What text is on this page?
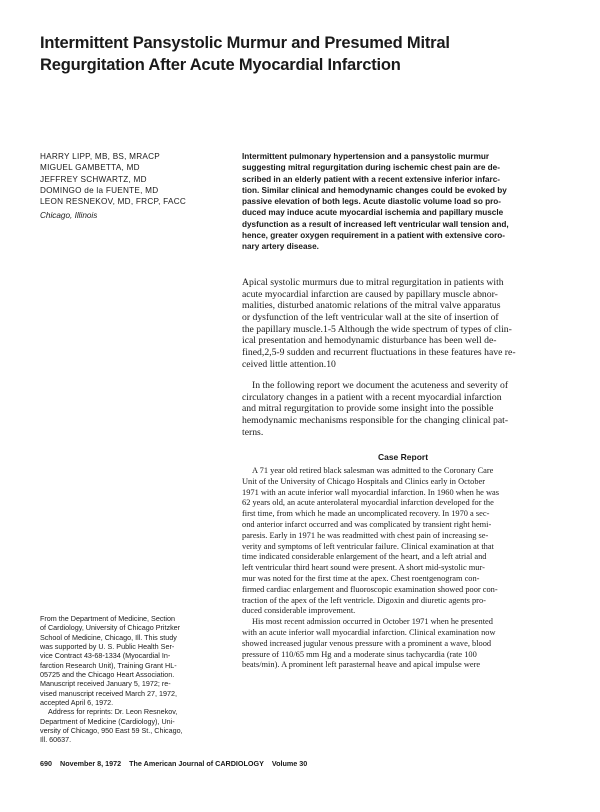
Intermittent Pansystolic Murmur and Presumed Mitral
Regurgitation After Acute Myocardial Infarction
HARRY LIPP, MB, BS, MRACP
MIGUEL GAMBETTA, MD
JEFFREY SCHWARTZ, MD
DOMINGO de la FUENTE, MD
LEON RESNEKOV, MD, FRCP, FACC
Chicago, Illinois
Intermittent pulmonary hypertension and a pansystolic murmur
suggesting mitral regurgitation during ischemic chest pain are de-
scribed in an elderly patient with a recent extensive inferior infarc-
tion. Similar clinical and hemodynamic changes could be evoked by
passive elevation of both legs. Acute diastolic volume load so pro-
duced may induce acute myocardial ischemia and papillary muscle
dysfunction as a result of increased left ventricular wall tension and,
hence, greater oxygen requirement in a patient with extensive coro-
nary artery disease.
Apical systolic murmurs due to mitral regurgitation in patients with
acute myocardial infarction are caused by papillary muscle abnor-
malities, disturbed anatomic relations of the mitral valve apparatus
or dysfunction of the left ventricular wall at the site of insertion of
the papillary muscle.1-5 Although the wide spectrum of types of clin-
ical presentation and hemodynamic disturbance has been well de-
fined,2,5-9 sudden and recurrent fluctuations in these features have re-
ceived little attention.10
In the following report we document the acuteness and severity of
circulatory changes in a patient with a recent myocardial infarction
and mitral regurgitation to provide some insight into the possible
hemodynamic mechanisms responsible for the changing clinical pat-
terns.
Case Report
A 71 year old retired black salesman was admitted to the Coronary Care
Unit of the University of Chicago Hospitals and Clinics early in October
1971 with an acute inferior wall myocardial infarction. In 1960 when he was
62 years old, an acute anterolateral myocardial infarction developed for the
first time, from which he made an uncomplicated recovery. In 1970 a sec-
ond anterior infarct occurred and was complicated by transient right hemi-
paresis. Early in 1971 he was readmitted with chest pain of increasing se-
verity and symptoms of left ventricular failure. Clinical examination at that
time indicated considerable enlargement of the heart, and a left atrial and
left ventricular third heart sound were present. A short mid-systolic mur-
mur was noted for the first time at the apex. Chest roentgenogram con-
firmed cardiac enlargement and fluoroscopic examination showed poor con-
traction of the apex of the left ventricle. Digoxin and diuretic agents pro-
duced considerable improvement.
His most recent admission occurred in October 1971 when he presented
with an acute inferior wall myocardial infarction. Clinical examination now
showed increased jugular venous pressure with a prominent a wave, blood
pressure of 110/65 mm Hg and a moderate sinus tachycardia (rate 100
beats/min). A prominent left parasternal heave and apical impulse were
From the Department of Medicine, Section
of Cardiology, University of Chicago Pritzker
School of Medicine, Chicago, Ill. This study
was supported by U. S. Public Health Ser-
vice Contract 43-68-1334 (Myocardial In-
farction Research Unit), Training Grant HL-
05725 and the Chicago Heart Association.
Manuscript received January 5, 1972; re-
vised manuscript received March 27, 1972,
accepted April 6, 1972.
Address for reprints: Dr. Leon Resnekov,
Department of Medicine (Cardiology), Uni-
versity of Chicago, 950 East 59 St., Chicago,
Ill. 60637.
690 November 8, 1972 The American Journal of CARDIOLOGY Volume 30
